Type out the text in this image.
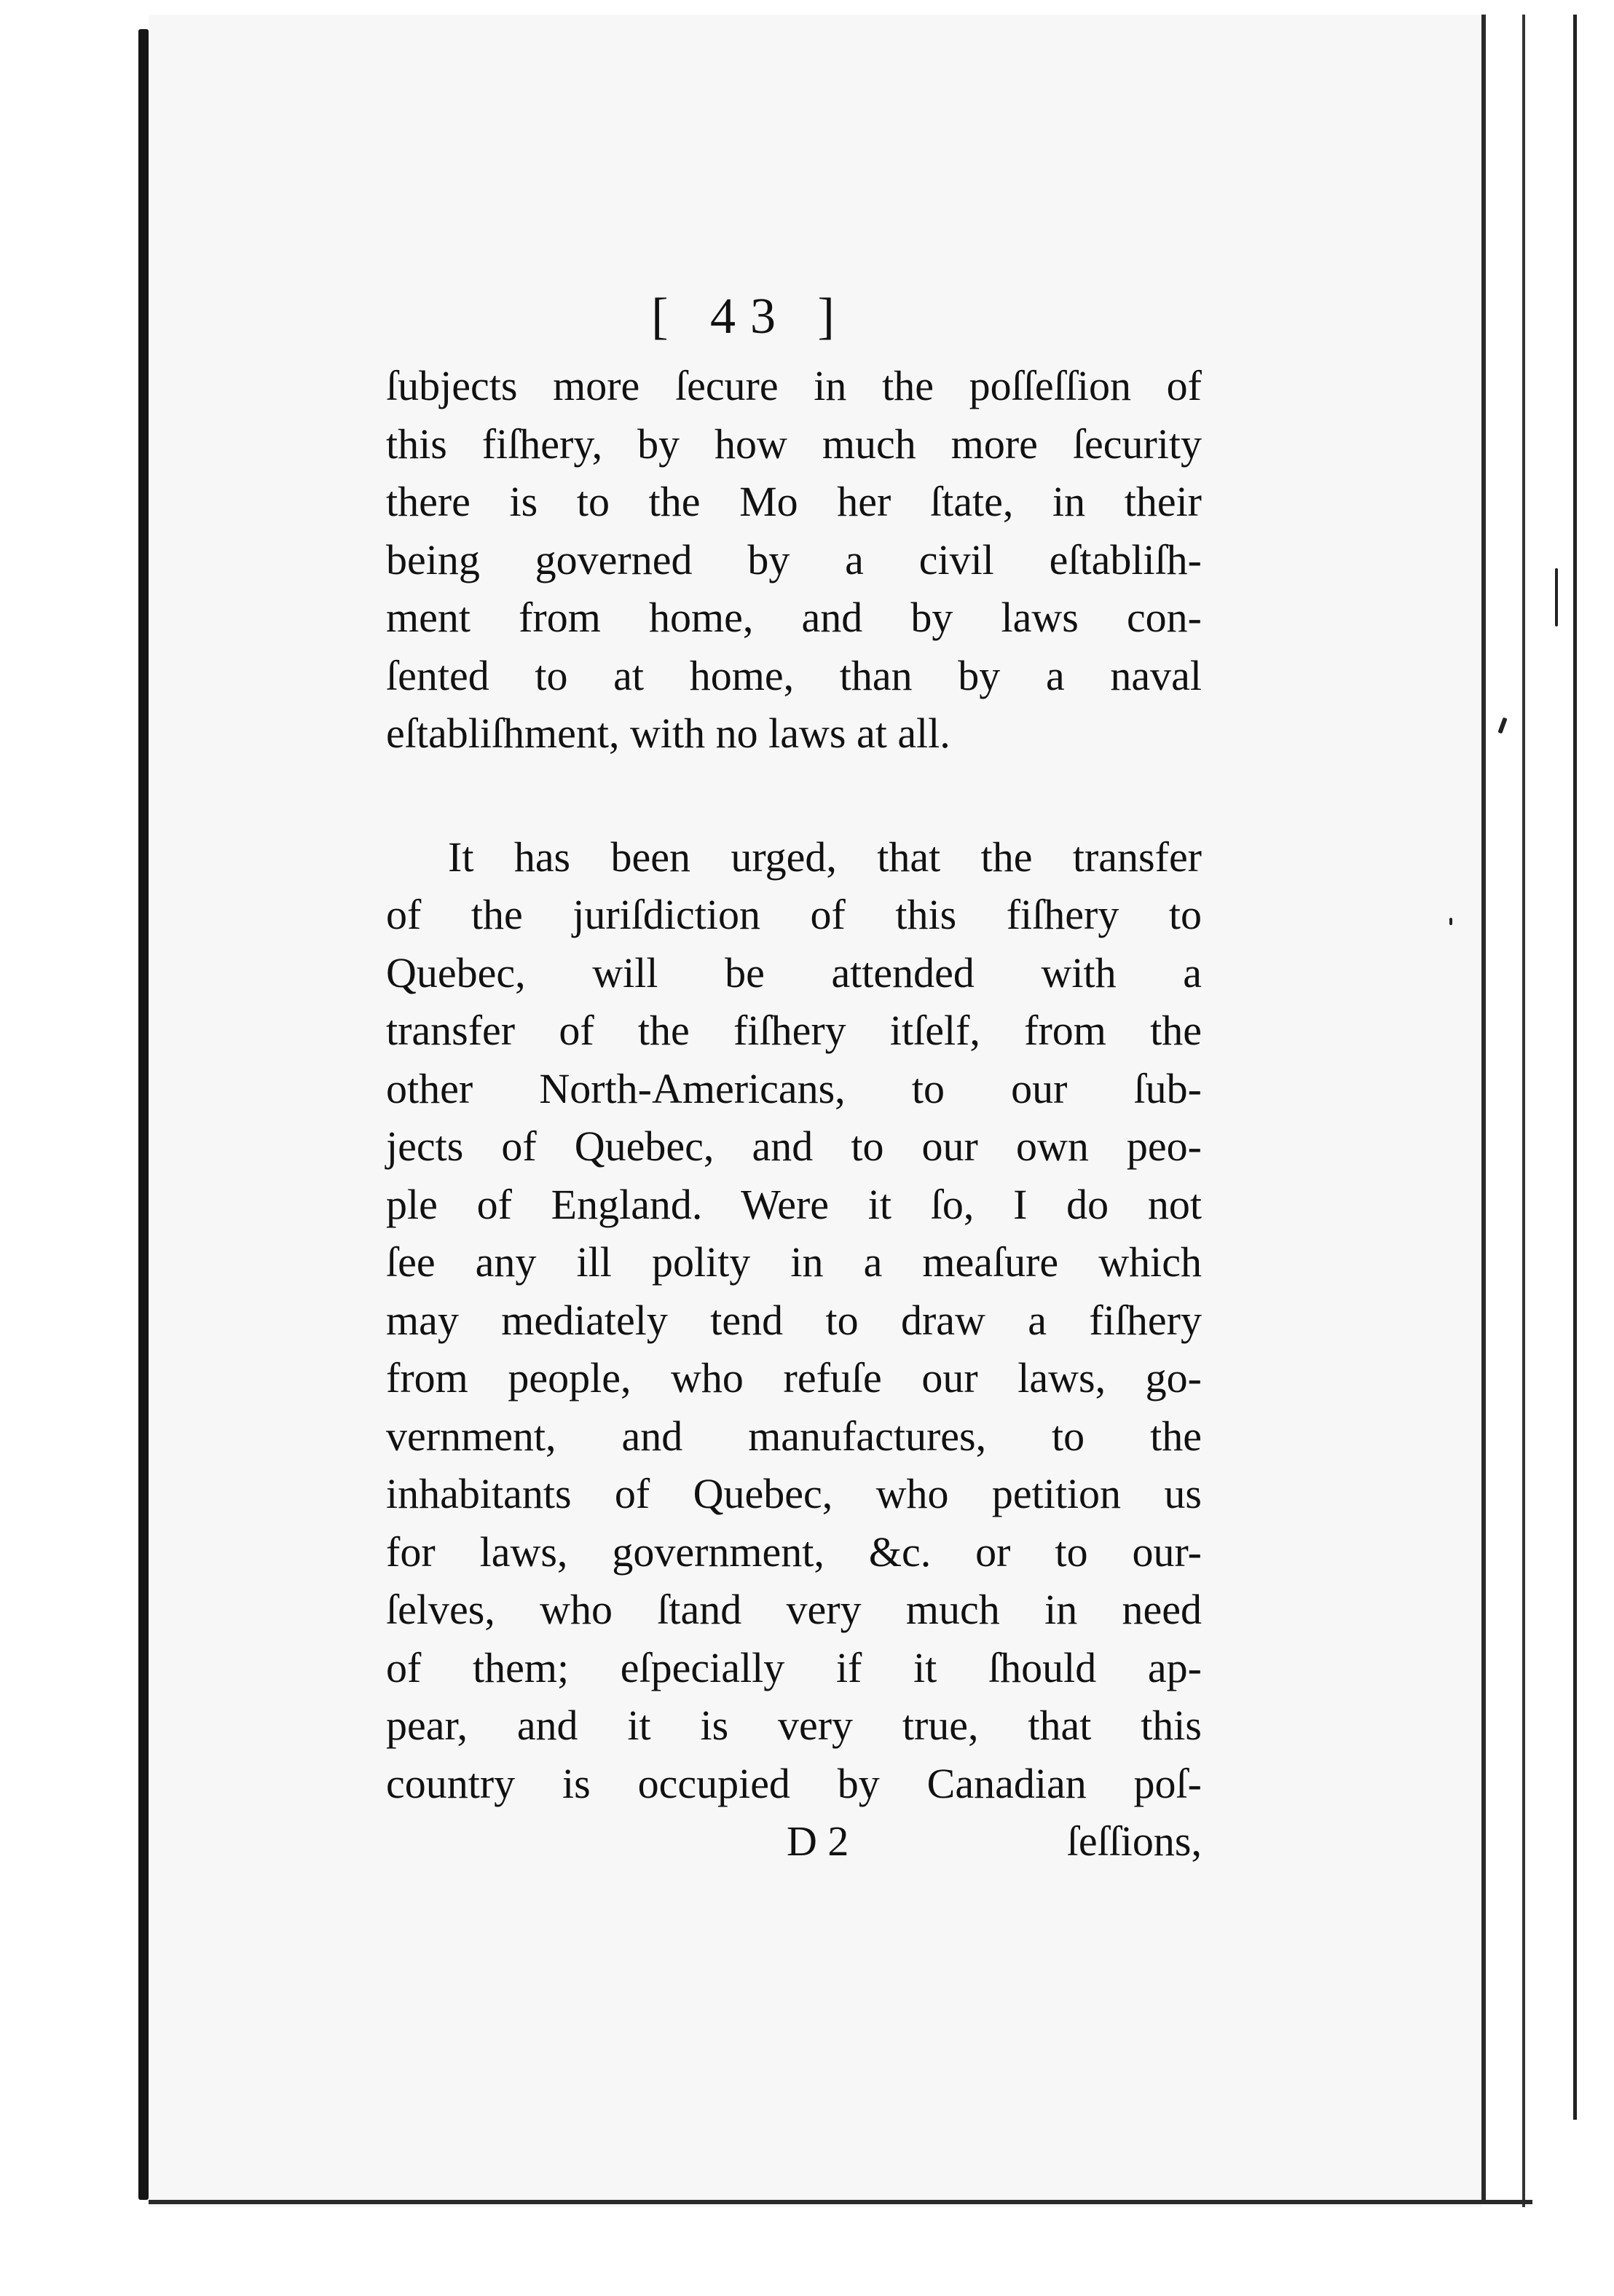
[ 43 ]
ſubjects more ſecure in the poſſeſſion of
this fiſhery, by how much more ſecurity
there is to the Mo her ſtate, in their
being governed by a civil eſtabliſh-
ment from home, and by laws con-
ſented to at home, than by a naval
eſtabliſhment, with no laws at all.
It has been urged, that the transfer
of the juriſdiction of this fiſhery to
Quebec, will be attended with a
transfer of the fiſhery itſelf, from the
other North-Americans, to our ſub-
jects of Quebec, and to our own peo-
ple of England. Were it ſo, I do not
ſee any ill polity in a meaſure which
may mediately tend to draw a fiſhery
from people, who refuſe our laws, go-
vernment, and manufactures, to the
inhabitants of Quebec, who petition us
for laws, government, &c. or to our-
ſelves, who ſtand very much in need
of them; eſpecially if it ſhould ap-
pear, and it is very true, that this
country is occupied by Canadian poſ-
D 2	ſeſſions,
